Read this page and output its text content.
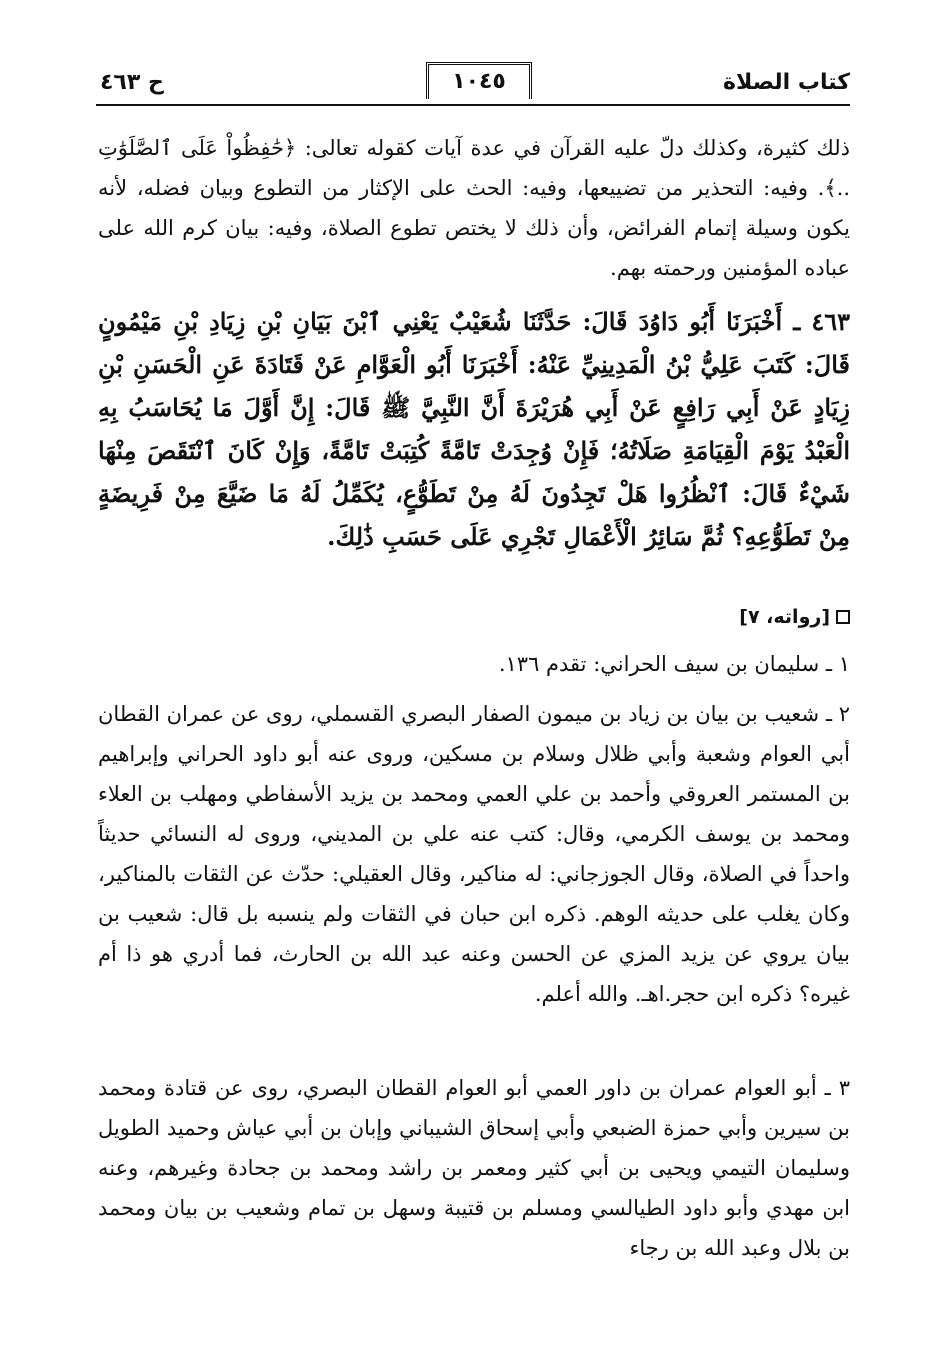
كتاب الصلاة
١٠٤٥
ح ٤٦٣

ذلك كثيرة، وكذلك دلّ عليه القرآن في عدة آيات كقوله تعالى: ﴿حَٰفِظُواْ عَلَى ٱلصَّلَوَٰتِ ..﴾. وفيه: التحذير من تضييعها، وفيه: الحث على الإكثار من التطوع وبيان فضله، لأنه يكون وسيلة إتمام الفرائض، وأن ذلك لا يختص تطوع الصلاة، وفيه: بيان كرم الله على عباده المؤمنين ورحمته بهم.

٤٦٣ ـ أَخْبَرَنَا أَبُو دَاوُدَ قَالَ: حَدَّثَنَا شُعَيْبٌ يَعْنِي ٱبْنَ بَيَانِ بْنِ زِيَادِ بْنِ مَيْمُونٍ قَالَ: كَتَبَ عَلِيُّ بْنُ الْمَدِينِيِّ عَنْهُ: أَخْبَرَنَا أَبُو الْعَوَّامِ عَنْ قَتَادَةَ عَنِ الْحَسَنِ بْنِ زِيَادٍ عَنْ أَبِي رَافِعٍ عَنْ أَبِي هُرَيْرَةَ أَنَّ النَّبِيَّ ﷺ قَالَ: إِنَّ أَوَّلَ مَا يُحَاسَبُ بِهِ الْعَبْدُ يَوْمَ الْقِيَامَةِ صَلَاتُهُ؛ فَإِنْ وُجِدَتْ تَامَّةً كُتِبَتْ تَامَّةً، وَإِنْ كَانَ ٱنْتَقَصَ مِنْهَا شَيْءٌ قَالَ: ٱنْظُرُوا هَلْ تَجِدُونَ لَهُ مِنْ تَطَوُّعٍ، يُكَمِّلُ لَهُ مَا ضَيَّعَ مِنْ فَرِيضَةٍ مِنْ تَطَوُّعِهِ؟ ثُمَّ سَائِرُ الْأَعْمَالِ تَجْرِي عَلَى حَسَبِ ذَٰلِكَ.

[رواته، ٧]

١ ـ سليمان بن سيف الحراني: تقدم ١٣٦.

٢ ـ شعيب بن بيان بن زياد بن ميمون الصفار البصري القسملي، روى عن عمران القطان أبي العوام وشعبة وأبي ظلال وسلام بن مسكين، وروى عنه أبو داود الحراني وإبراهيم بن المستمر العروقي وأحمد بن علي العمي ومحمد بن يزيد الأسفاطي ومهلب بن العلاء ومحمد بن يوسف الكرمي، وقال: كتب عنه علي بن المديني، وروى له النسائي حديثاً واحداً في الصلاة، وقال الجوزجاني: له مناكير، وقال العقيلي: حدّث عن الثقات بالمناكير، وكان يغلب على حديثه الوهم. ذكره ابن حبان في الثقات ولم ينسبه بل قال: شعيب بن بيان يروي عن يزيد المزي عن الحسن وعنه عبد الله بن الحارث، فما أدري هو ذا أم غيره؟ ذكره ابن حجر.اهـ. والله أعلم.

٣ ـ أبو العوام عمران بن داور العمي أبو العوام القطان البصري، روى عن قتادة ومحمد بن سيرين وأبي حمزة الضبعي وأبي إسحاق الشيباني وإبان بن أبي عياش وحميد الطويل وسليمان التيمي ويحيى بن أبي كثير ومعمر بن راشد ومحمد بن جحادة وغيرهم، وعنه ابن مهدي وأبو داود الطيالسي ومسلم بن قتيبة وسهل بن تمام وشعيب بن بيان ومحمد بن بلال وعبد الله بن رجاء
